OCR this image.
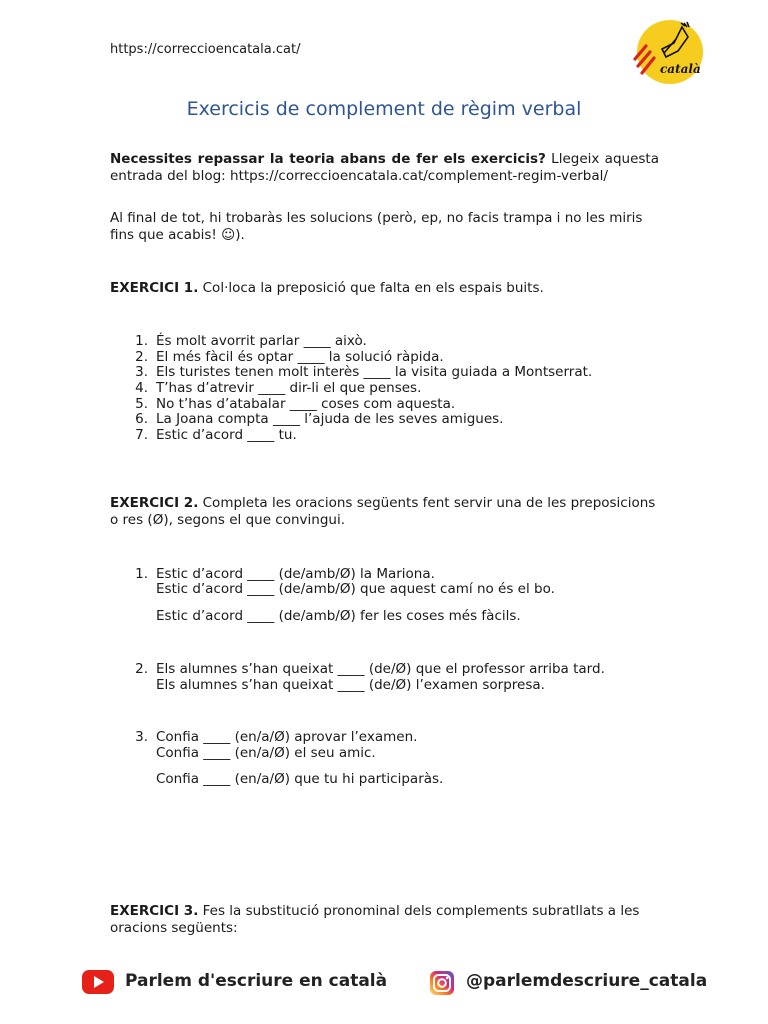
https://correccioencatala.cat/
català
Exercicis de complement de règim verbal
Necessites repassar la teoria abans de fer els exercicis? Llegeix aquesta entrada del blog: https://correccioencatala.cat/complement-regim-verbal/
Al final de tot, hi trobaràs les solucions (però, ep, no facis trampa i no les miris fins que acabis! ☺).
EXERCICI 1. Col·loca la preposició que falta en els espais buits.
1. És molt avorrit parlar ____ això.
2. El més fàcil és optar ____ la solució ràpida.
3. Els turistes tenen molt interès ____ la visita guiada a Montserrat.
4. T’has d’atrevir ____ dir-li el que penses.
5. No t’has d’atabalar ____ coses com aquesta.
6. La Joana compta ____ l’ajuda de les seves amigues.
7. Estic d’acord ____ tu.
EXERCICI 2. Completa les oracions següents fent servir una de les preposicions o res (Ø), segons el que convingui.
1. Estic d’acord ____ (de/amb/Ø) la Mariona.
Estic d’acord ____ (de/amb/Ø) que aquest camí no és el bo.
Estic d’acord ____ (de/amb/Ø) fer les coses més fàcils.
2. Els alumnes s’han queixat ____ (de/Ø) que el professor arriba tard.
Els alumnes s’han queixat ____ (de/Ø) l’examen sorpresa.
3. Confia ____ (en/a/Ø) aprovar l’examen.
Confia ____ (en/a/Ø) el seu amic.
Confia ____ (en/a/Ø) que tu hi participaràs.
EXERCICI 3. Fes la substitució pronominal dels complements subratllats a les oracions següents:
Parlem d'escriure en català	@parlemdescriure_catala
